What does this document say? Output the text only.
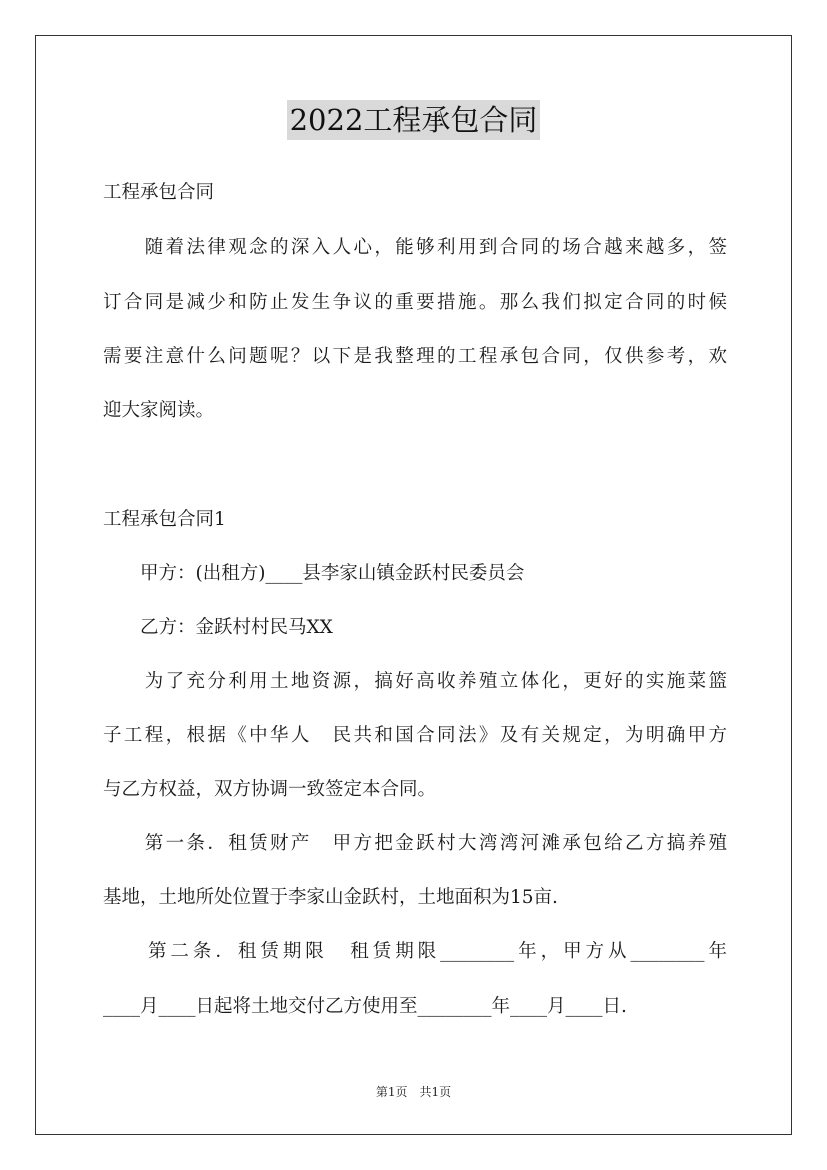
2022工程承包合同
工程承包合同
　　随着法律观念的深入人心，能够利用到合同的场合越来越多，签
订合同是减少和防止发生争议的重要措施。那么我们拟定合同的时候
需要注意什么问题呢？以下是我整理的工程承包合同，仅供参考，欢
迎大家阅读。
工程承包合同1
　　甲方：(出租方)____县李家山镇金跃村民委员会
　　乙方：金跃村村民马XX
　　为了充分利用土地资源，搞好高收养殖立体化，更好的实施菜篮
子工程，根据《中华人　民共和国合同法》及有关规定，为明确甲方
与乙方权益，双方协调一致签定本合同。
　　第一条．租赁财产　甲方把金跃村大湾湾河滩承包给乙方搞养殖
基地，土地所处位置于李家山金跃村，土地面积为15亩.
　　第二条．租赁期限　租赁期限________年，甲方从________年
____月____日起将土地交付乙方使用至________年____月____日.
第1页　共1页
